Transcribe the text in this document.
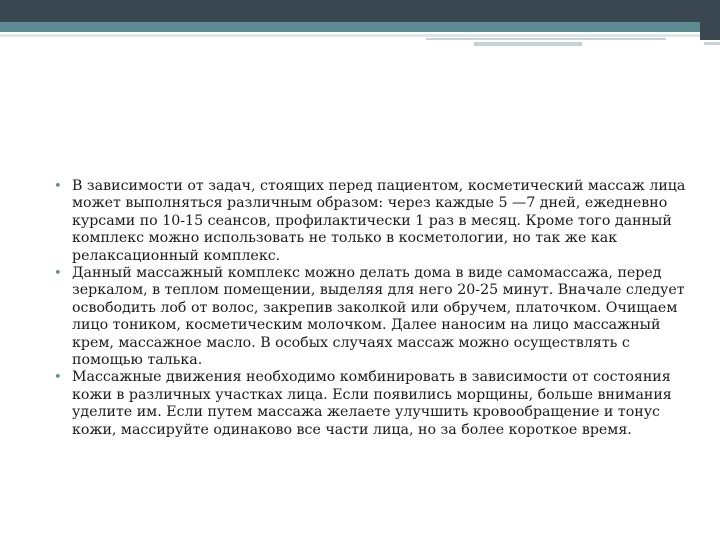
• В зависимости от задач, стоящих перед пациентом, косметический массаж лица может выполняться различным образом: через каждые 5 —7 дней, ежедневно курсами по 10-15 сеансов, профилактически 1 раз в месяц. Кроме того данный комплекс можно использовать не только в косметологии, но так же как релаксационный комплекс.
• Данный массажный комплекс можно делать дома в виде самомассажа, перед зеркалом, в теплом помещении, выделяя для него 20-25 минут. Вначале следует освободить лоб от волос, закрепив заколкой или обручем, платочком. Очищаем лицо тоником, косметическим молочком. Далее наносим на лицо массажный крем, массажное масло. В особых случаях массаж можно осуществлять с помощью талька.
• Массажные движения необходимо комбинировать в зависимости от состояния кожи в различных участках лица. Если появились морщины, больше внимания уделите им. Если путем массажа желаете улучшить кровообращение и тонус кожи, массируйте одинаково все части лица, но за более короткое время.
